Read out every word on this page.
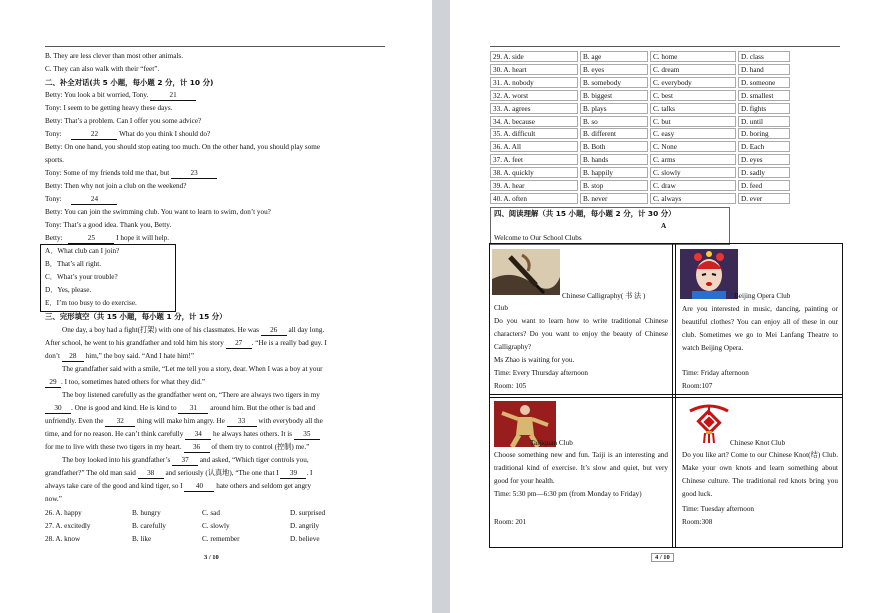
B. They are less clever than most other animals.
C. They can also walk with their “feet”.
二、补全对话(共 5 小题，每小题 2 分，计 10 分)
Betty: You look a bit worried, Tony.	21
Tony: I seem to be getting heavy these days.
Betty: That’s a problem. Can I offer you some advice?
Tony:	22	What do you think I should do?
Betty: On one hand, you should stop eating too much. On the other hand, you should play some
sports.
Tony: Some of my friends told me that, but	23
Betty: Then why not join a club on the weekend?
Tony:	24
Betty: You can join the swimming club. You want to learn to swim, don’t you?
Tony: That’s a good idea. Thank you, Betty.
Betty:	25	I hope it will help.
A．What club can I join?
B．That’s all right.
C．What’s your trouble?
D．Yes, please.
E．I’m too busy to do exercise.
三、完形填空（共 15 小题，每小题 1 分，计 15 分）
One day, a boy had a fight(打架) with one of his classmates. He was 26 all day long.
After school, he went to his grandfather and told him his story 27 . “He is a really bad guy. I
don’t 28 him,” the boy said. “And I hate him!”
The grandfather said with a smile, “Let me tell you a story, dear. When I was a boy at your
29 . I too, sometimes hated others for what they did.”
The boy listened carefully as the grandfather went on, “There are always two tigers in my
30 . One is good and kind. He is kind to 31 around him. But the other is bad and
unfriendly. Even the 32 thing will make him angry. He 33 with everybody all the
time, and for no reason. He can’t think carefully 34 he always hates others. It is 35
for me to live with these two tigers in my heart. 36 of them try to control (控制) me.”
The boy looked into his grandfather’s 37 and asked, “Which tiger controls you,
grandfather?” The old man said 38 and seriously (认真地), “The one that I 39 . I
always take care of the good and kind tiger, so I 40 hate others and seldom get angry
now.”
26. A. happy	B. hungry	C. sad	D. surprised
27. A. excitedly	B. carefully	C. slowly	D. angrily
28. A. know	B. like	C. remember	D. believe
3 / 10
29. A. side	B. age	C. home	D. class
30. A. heart	B. eyes	C. dream	D. hand
31. A. nobody	B. somebody	C. everybody	D. someone
32. A. worst	B. biggest	C. best	D. smallest
33. A. agrees	B. plays	C. talks	D. fights
34. A. because	B. so	C. but	D. until
35. A. difficult	B. different	C. easy	D. boring
36. A. All	B. Both	C. None	D. Each
37. A. feet	B. hands	C. arms	D. eyes
38. A. quickly	B. happily	C. slowly	D. sadly
39. A. hear	B. stop	C. draw	D. feed
40. A. often	B. never	C. always	D. ever
四、阅读理解（共 15 小题，每小题 2 分，计 30 分）
A
Welcome to Our School Clubs
Chinese Calligraphy( 书 法 )
Club
Do you want to learn how to write traditional Chinese characters? Do you want to enjoy the beauty of Chinese Calligraphy?
Ms Zhao is waiting for you.
Time: Every Thursday afternoon
Room: 105
Beijing Opera Club
Are you interested in music, dancing, painting or beautiful clothes? You can enjoy all of these in our club. Sometimes we go to Mei Lanfang Theatre to watch Beijing Opera.
Time: Friday afternoon
Room:107
Taijiquan Club
Choose something new and fun. Taiji is an interesting and traditional kind of exercise. It’s slow and quiet, but very good for your health.
Time: 5:30 pm—6:30 pm (from Monday to Friday)
Room: 201
Chinese Knot Club
Do you like art? Come to our Chinese Knot(结) Club. Make your own knots and learn something about Chinese culture. The traditional red knots bring you good luck.
Time: Tuesday afternoon
Room:308
4 / 10
